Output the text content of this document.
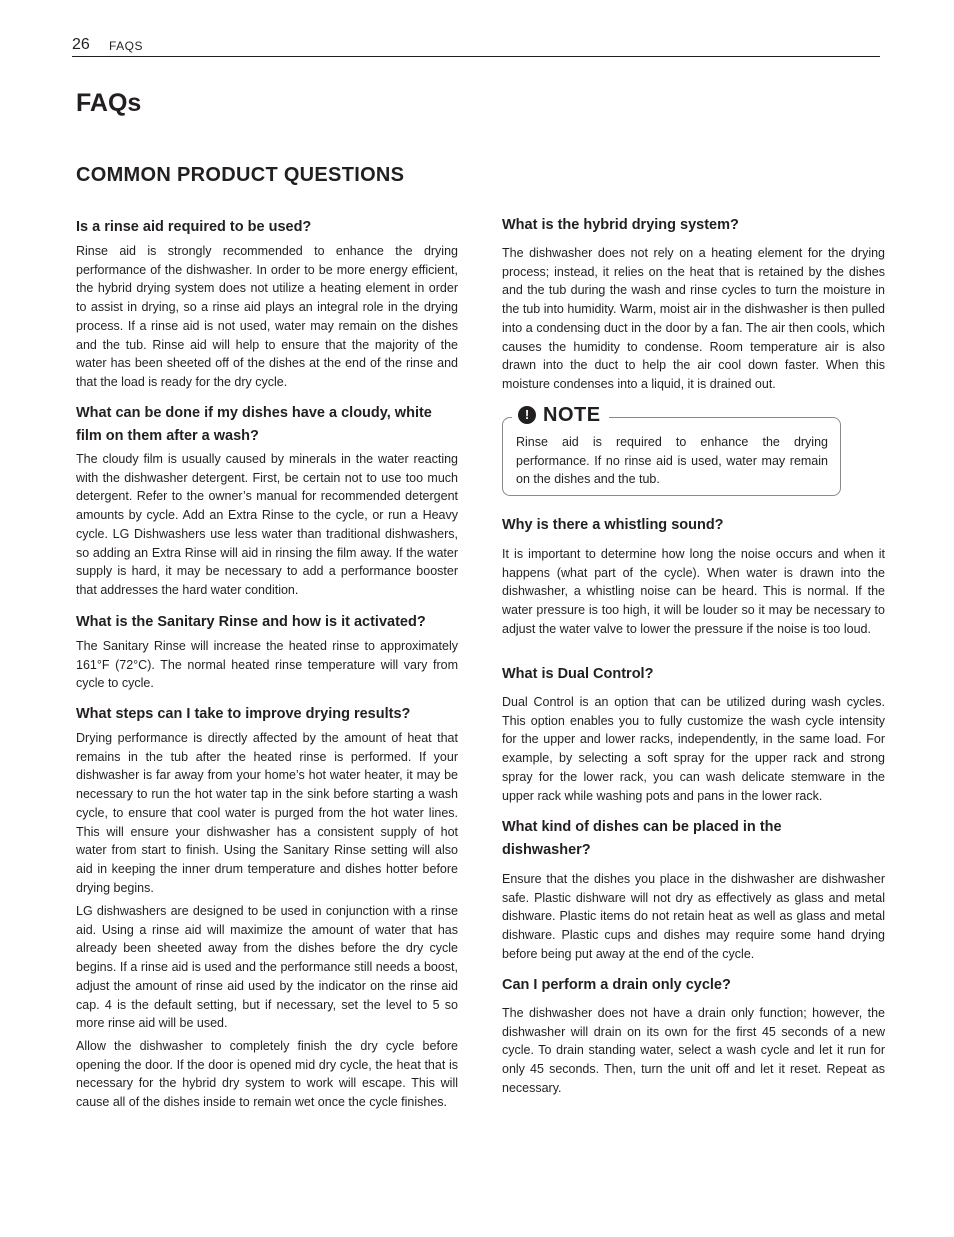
26 FAQS
FAQs
COMMON PRODUCT QUESTIONS
Is a rinse aid required to be used?

Rinse aid is strongly recommended to enhance the drying performance of the dishwasher. In order to be more energy efficient, the hybrid drying system does not utilize a heating element in order to assist in drying, so a rinse aid plays an integral role in the drying process. If a rinse aid is not used, water may remain on the dishes and the tub. Rinse aid will help to ensure that the majority of the water has been sheeted off of the dishes at the end of the rinse and that the load is ready for the dry cycle.

What can be done if my dishes have a cloudy, white film on them after a wash?

The cloudy film is usually caused by minerals in the water reacting with the dishwasher detergent. First, be certain not to use too much detergent. Refer to the owner’s manual for recommended detergent amounts by cycle. Add an Extra Rinse to the cycle, or run a Heavy cycle. LG Dishwashers use less water than traditional dishwashers, so adding an Extra Rinse will aid in rinsing the film away. If the water supply is hard, it may be necessary to add a performance booster that addresses the hard water condition.

What is the Sanitary Rinse and how is it activated?

The Sanitary Rinse will increase the heated rinse to approximately 161°F (72°C). The normal heated rinse temperature will vary from cycle to cycle.

What steps can I take to improve drying results?

Drying performance is directly affected by the amount of heat that remains in the tub after the heated rinse is performed. If your dishwasher is far away from your home’s hot water heater, it may be necessary to run the hot water tap in the sink before starting a wash cycle, to ensure that cool water is purged from the hot water lines. This will ensure your dishwasher has a consistent supply of hot water from start to finish. Using the Sanitary Rinse setting will also aid in keeping the inner drum temperature and dishes hotter before drying begins.

LG dishwashers are designed to be used in conjunction with a rinse aid. Using a rinse aid will maximize the amount of water that has already been sheeted away from the dishes before the dry cycle begins. If a rinse aid is used and the performance still needs a boost, adjust the amount of rinse aid used by the indicator on the rinse aid cap. 4 is the default setting, but if necessary, set the level to 5 so more rinse aid will be used.

Allow the dishwasher to completely finish the dry cycle before opening the door. If the door is opened mid dry cycle, the heat that is necessary for the hybrid dry system to work will escape. This will cause all of the dishes inside to remain wet once the cycle finishes.

What is the hybrid drying system?

The dishwasher does not rely on a heating element for the drying process; instead, it relies on the heat that is retained by the dishes and the tub during the wash and rinse cycles to turn the moisture in the tub into humidity. Warm, moist air in the dishwasher is then pulled into a condensing duct in the door by a fan. The air then cools, which causes the humidity to condense. Room temperature air is also drawn into the duct to help the air cool down faster. When this moisture condenses into a liquid, it is drained out.

! NOTE

Rinse aid is required to enhance the drying performance. If no rinse aid is used, water may remain on the dishes and the tub.

Why is there a whistling sound?

It is important to determine how long the noise occurs and when it happens (what part of the cycle). When water is drawn into the dishwasher, a whistling noise can be heard. This is normal. If the water pressure is too high, it will be louder so it may be necessary to adjust the water valve to lower the pressure if the noise is too loud.

What is Dual Control?

Dual Control is an option that can be utilized during wash cycles. This option enables you to fully customize the wash cycle intensity for the upper and lower racks, independently, in the same load. For example, by selecting a soft spray for the upper rack and strong spray for the lower rack, you can wash delicate stemware in the upper rack while washing pots and pans in the lower rack.

What kind of dishes can be placed in the dishwasher?

Ensure that the dishes you place in the dishwasher are dishwasher safe. Plastic dishware will not dry as effectively as glass and metal dishware. Plastic items do not retain heat as well as glass and metal dishware. Plastic cups and dishes may require some hand drying before being put away at the end of the cycle.

Can I perform a drain only cycle?

The dishwasher does not have a drain only function; however, the dishwasher will drain on its own for the first 45 seconds of a new cycle. To drain standing water, select a wash cycle and let it run for only 45 seconds. Then, turn the unit off and let it reset. Repeat as necessary.
